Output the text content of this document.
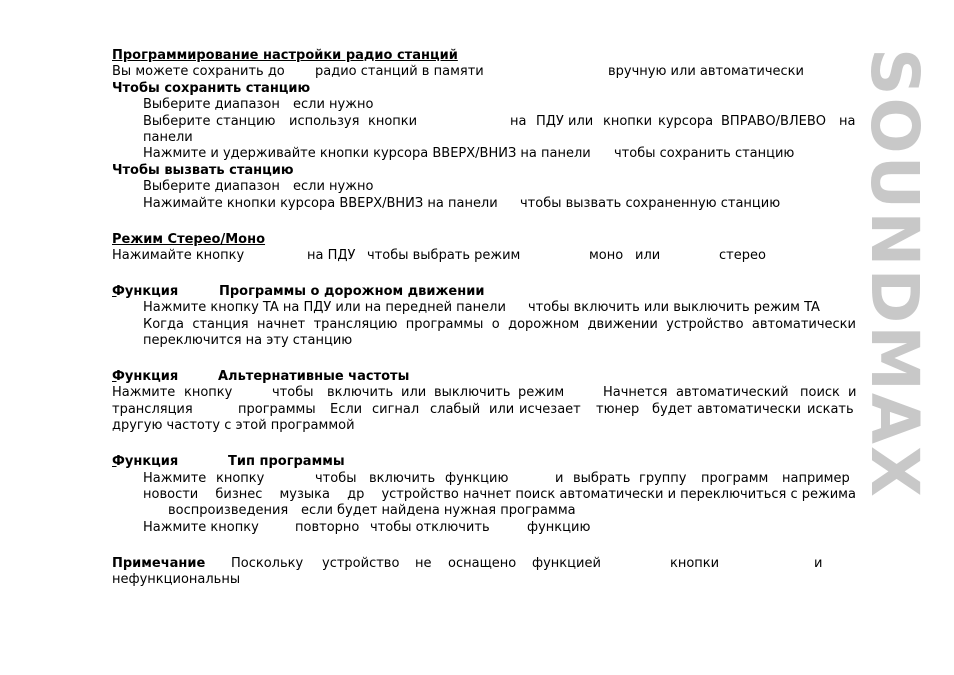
SOUNDMAX
Программирование настройки радио станций
Вы можете сохранить до радио станций в памяти	вручную или автоматически
Чтобы сохранить станцию
Выберите диапазон если нужно
Выберите станцию используя кнопки	на ПДУ или кнопки курсора ВПРАВО/ВЛЕВО на
панели
Нажмите и удерживайте кнопки курсора ВВЕРХ/ВНИЗ на панели чтобы сохранить станцию
Чтобы вызвать станцию
Выберите диапазон если нужно
Нажимайте кнопки курсора ВВЕРХ/ВНИЗ на панели чтобы вызвать сохраненную станцию
Режим Стерео/Моно
Нажимайте кнопку	на ПДУ чтобы выбрать режим	моно или	стерео
Функция	Программы о дорожном движении

Нажмите кнопку TA на ПДУ или на передней панели чтобы включить или выключить режим TA
Когда станция начнет трансляцию программы о дорожном движении устройство автоматически
переключится на эту станцию
Функция	Альтернативные частоты

Нажмите кнопку	чтобы включить или выключить режим	Начнется автоматический поиск и
трансляция	программы Если сигнал слабый или исчезает тюнер будет автоматически искать
другую частоту с этой программой
Функция	Тип программы

Нажмите кнопку	чтобы включить функцию	и выбрать группу программ например
новости бизнес музыка др устройство начнет поиск автоматически и переключиться с режима
воспроизведения если будет найдена нужная программа
Нажмите кнопку	повторно чтобы отключить	функцию
Примечание Поскольку устройство не оснащено функцией	кнопки	и
нефункциональны
